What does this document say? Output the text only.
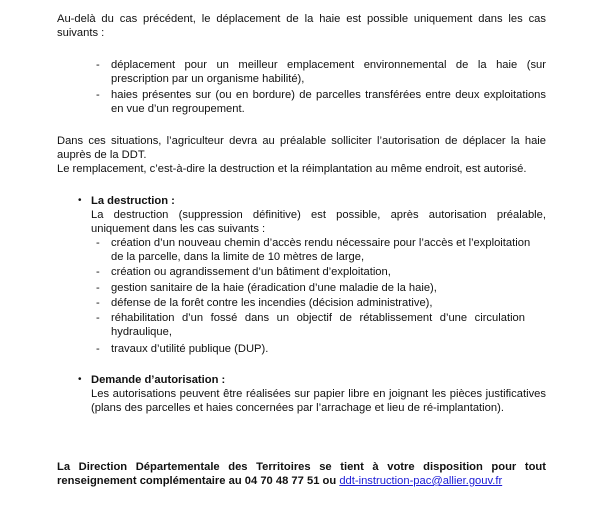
Au-delà du cas précédent, le déplacement de la haie est possible uniquement dans les cas
suivants :
- déplacement pour un meilleur emplacement environnemental de la haie (sur
prescription par un organisme habilité),
- haies présentes sur (ou en bordure) de parcelles transférées entre deux exploitations
en vue d’un regroupement.
Dans ces situations, l’agriculteur devra au préalable solliciter l’autorisation de déplacer la haie
auprès de la DDT.
Le remplacement, c’est-à-dire la destruction et la réimplantation au même endroit, est autorisé.
• La destruction :
La destruction (suppression définitive) est possible, après autorisation préalable,
uniquement dans les cas suivants :
- création d’un nouveau chemin d’accès rendu nécessaire pour l’accès et l’exploitation
de la parcelle, dans la limite de 10 mètres de large,
- création ou agrandissement d’un bâtiment d’exploitation,
- gestion sanitaire de la haie (éradication d’une maladie de la haie),
- défense de la forêt contre les incendies (décision administrative),
- réhabilitation d’un fossé dans un objectif de rétablissement d’une circulation
hydraulique,
- travaux d’utilité publique (DUP).
• Demande d’autorisation :
Les autorisations peuvent être réalisées sur papier libre en joignant les pièces justificatives
(plans des parcelles et haies concernées par l’arrachage et lieu de ré-implantation).
La Direction Départementale des Territoires se tient à votre disposition pour tout
renseignement complémentaire au 04 70 48 77 51 ou ddt-instruction-pac@allier.gouv.fr
